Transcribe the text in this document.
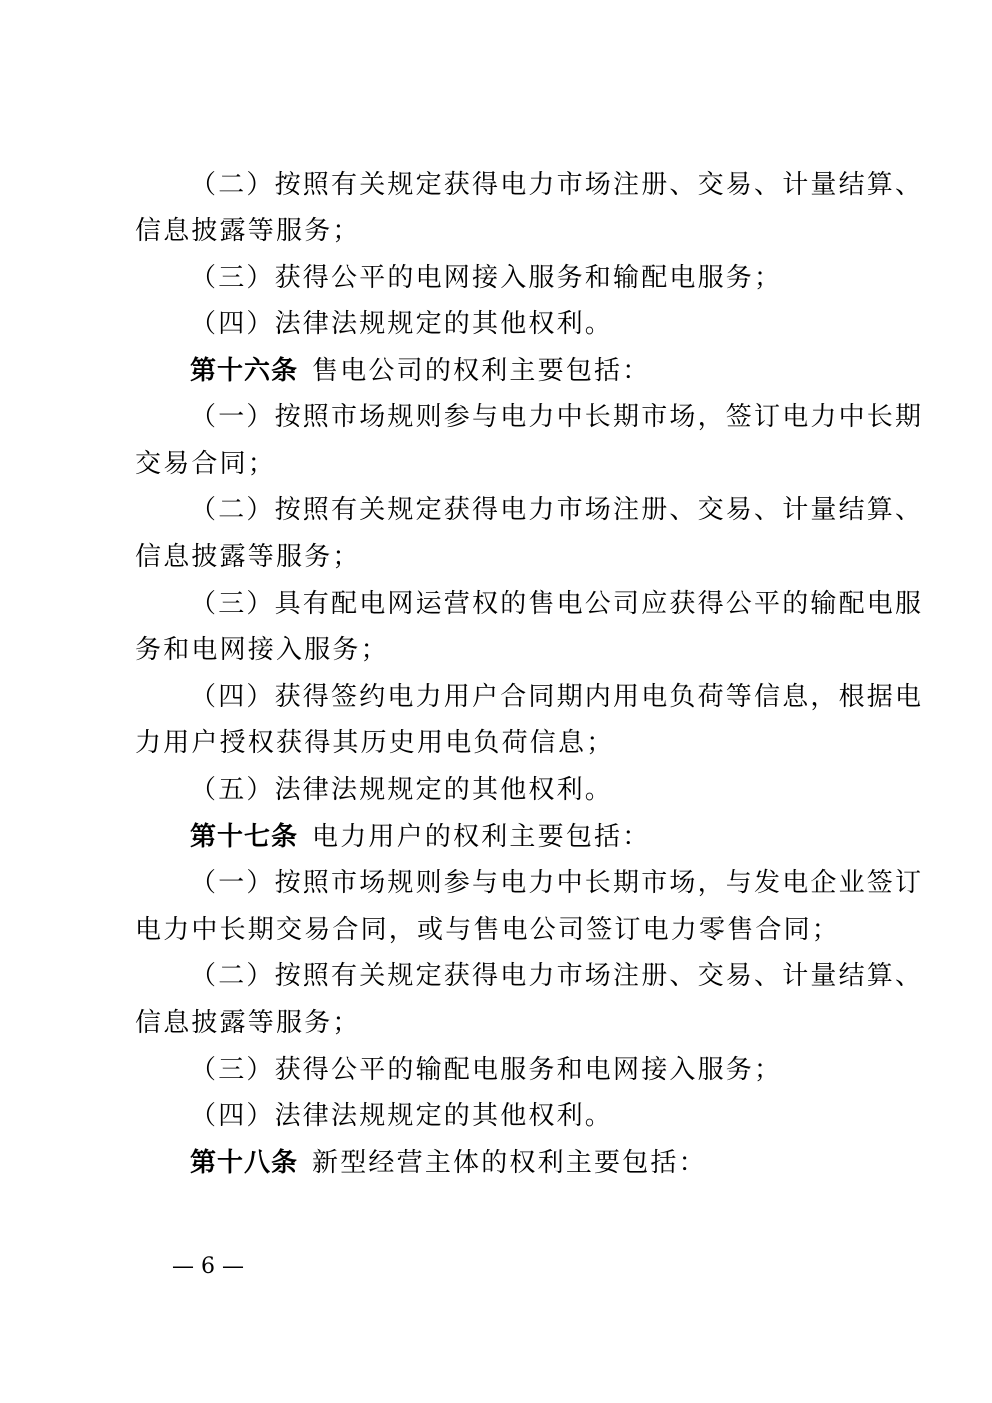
（二）按照有关规定获得电力市场注册、交易、计量结算、
信息披露等服务；
（三）获得公平的电网接入服务和输配电服务；
（四）法律法规规定的其他权利。
第十六条 售电公司的权利主要包括：
（一）按照市场规则参与电力中长期市场，签订电力中长期
交易合同；
（二）按照有关规定获得电力市场注册、交易、计量结算、
信息披露等服务；
（三）具有配电网运营权的售电公司应获得公平的输配电服
务和电网接入服务；
（四）获得签约电力用户合同期内用电负荷等信息，根据电
力用户授权获得其历史用电负荷信息；
（五）法律法规规定的其他权利。
第十七条 电力用户的权利主要包括：
（一）按照市场规则参与电力中长期市场，与发电企业签订
电力中长期交易合同，或与售电公司签订电力零售合同；
（二）按照有关规定获得电力市场注册、交易、计量结算、
信息披露等服务；
（三）获得公平的输配电服务和电网接入服务；
（四）法律法规规定的其他权利。
第十八条 新型经营主体的权利主要包括：
— 6 —
